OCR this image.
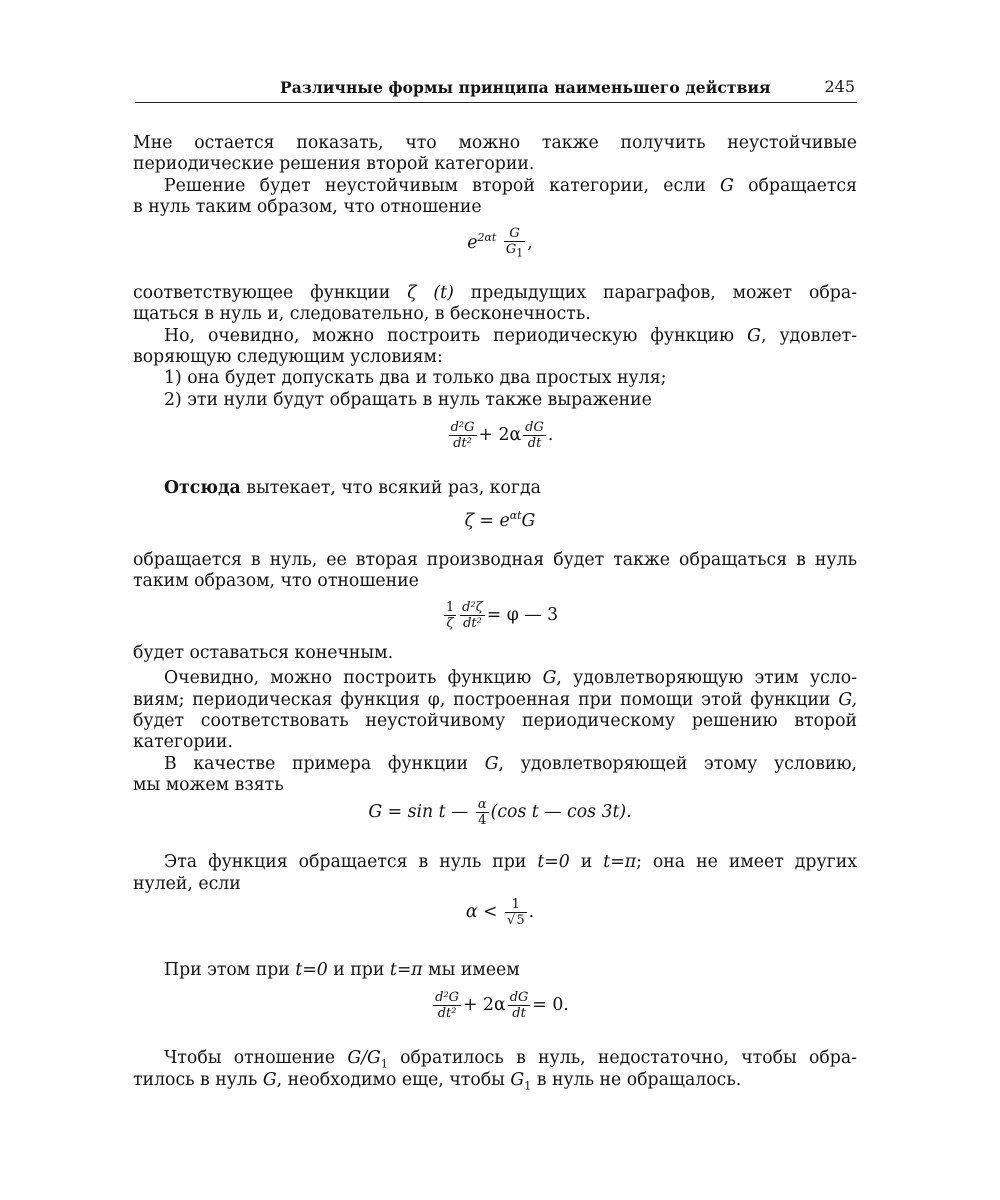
Различные формы принципа наименьшего действия	245
Мне остается показать, что можно также получить неустойчивые
периодические решения второй категории.
Решение будет неустойчивым второй категории, если G обращается
в нуль таким образом, что отношение
$e^{2\alpha t} \frac{G}{G_1}$ ,
соответствующее функции ζ (t) предыдущих параграфов, может обра-
щаться в нуль и, следовательно, в бесконечность.
Но, очевидно, можно построить периодическую функцию G, удовлет-
воряющую следующим условиям:
1) она будет допускать два и только два простых нуля;
2) эти нули будут обращать в нуль также выражение
$\frac{\text{d²G}}{\text{dt²}} + 2\alpha \frac{dG}{dt}$ .
Отсюда вытекает, что всякий раз, когда
$\zeta = e^{\alpha t}G$
обращается в нуль, ее вторая производная будет также обращаться в нуль
таким образом, что отношение
$\frac{1}{\zeta} \frac{\text{d²ζ}}{\text{dt²}} = \varphi$ — 3
будет оставаться конечным.
Очевидно, можно построить функцию G, удовлетворяющую этим усло-
виям; периодическая функция φ, построенная при помощи этой функции G,
будет соответствовать неустойчивому периодическому решению второй
категории.
В качестве примера функции G, удовлетворяющей этому условию,
мы можем взять
G = sin t — $\frac{\alpha}{4} (\cos$ t — cos 3t).
Эта функция обращается в нуль при t=0 и t=π; она не имеет других
нулей, если
$\alpha < \frac{1}{√5}$ .
При этом при t=0 и при t=π мы имеем
$\frac{\text{d²G}}{\text{dt²}} + 2\alpha \frac{dG}{dt} = 0$.
Чтобы отношение $G/G_1$ обратилось в нуль, недостаточно, чтобы обра-
тилось в нуль G, необходимо еще, чтобы $G_1$ в нуль не обращалось.
